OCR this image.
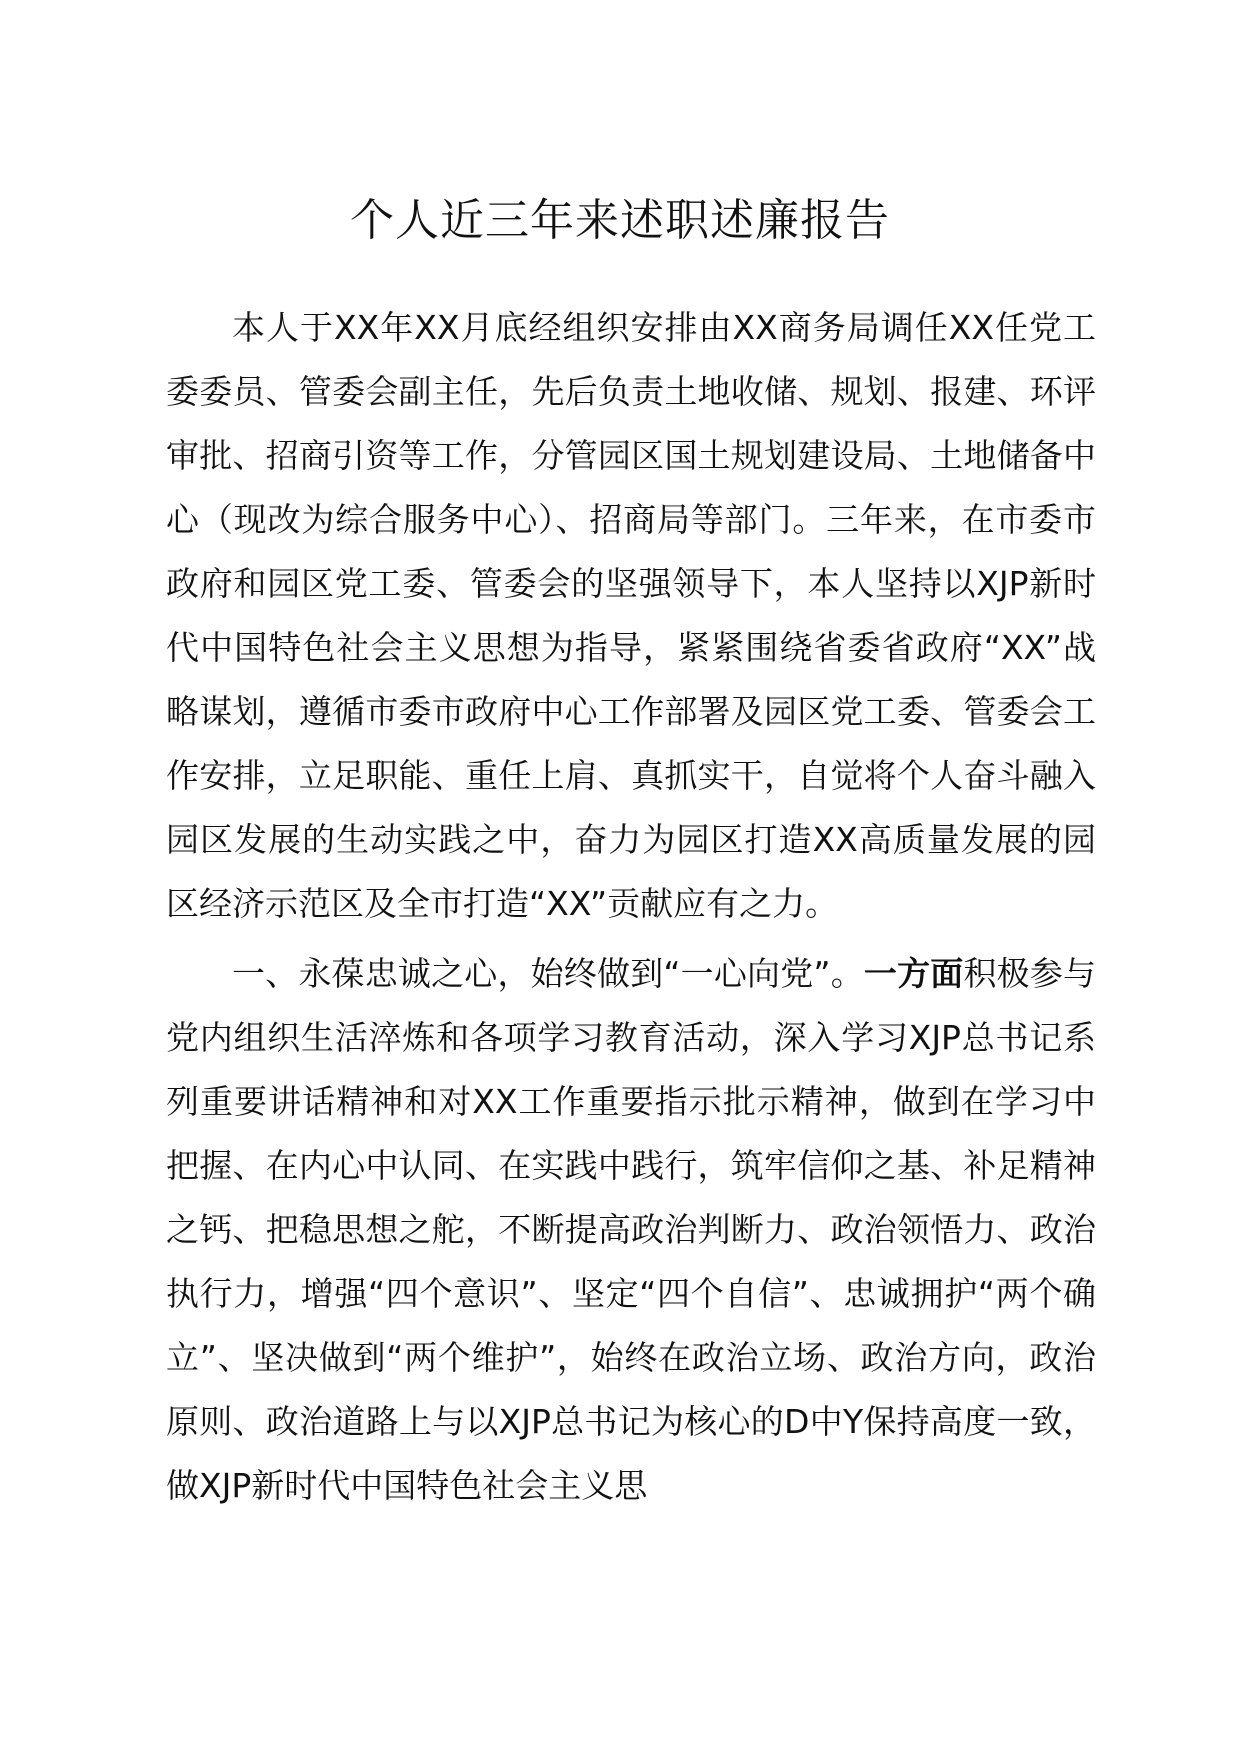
个人近三年来述职述廉报告

本人于XX年XX月底经组织安排由XX商务局调任XX任党工委委员、管委会副主任，先后负责土地收储、规划、报建、环评审批、招商引资等工作，分管园区国土规划建设局、土地储备中心（现改为综合服务中心）、招商局等部门。三年来，在市委市政府和园区党工委、管委会的坚强领导下，本人坚持以XJP新时代中国特色社会主义思想为指导，紧紧围绕省委省政府“XX”战略谋划，遵循市委市政府中心工作部署及园区党工委、管委会工作安排，立足职能、重任上肩、真抓实干，自觉将个人奋斗融入园区发展的生动实践之中，奋力为园区打造XX高质量发展的园区经济示范区及全市打造“XX”贡献应有之力。

一、永葆忠诚之心，始终做到“一心向党”。一方面积极参与党内组织生活淬炼和各项学习教育活动，深入学习XJP总书记系列重要讲话精神和对XX工作重要指示批示精神，做到在学习中把握、在内心中认同、在实践中践行，筑牢信仰之基、补足精神之钙、把稳思想之舵，不断提高政治判断力、政治领悟力、政治执行力，增强“四个意识”、坚定“四个自信”、忠诚拥护“两个确立”、坚决做到“两个维护”，始终在政治立场、政治方向，政治原则、政治道路上与以XJP总书记为核心的D中Y保持高度一致，做XJP新时代中国特色社会主义思
